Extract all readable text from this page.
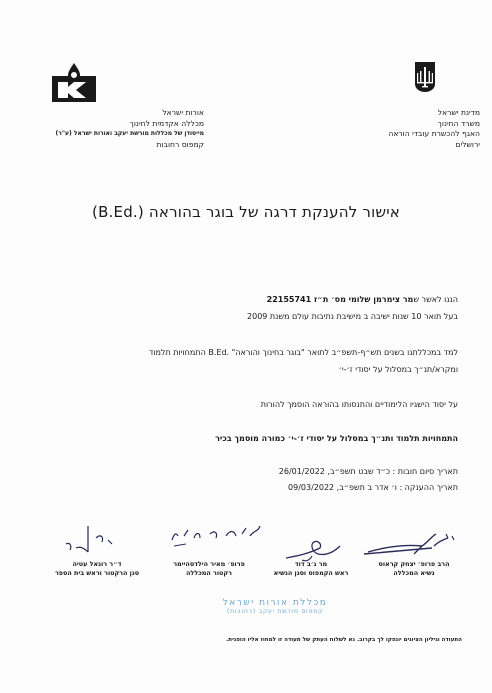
אורות ישראל
מכללה אקדמית לחינוך
מייסודן של מכללות מורשת יעקב ואורות ישראל (ע"ר)
קמפוס רחובות
מדינת ישראל
משרד החינוך
האגף להכשרת עובדי הוראה
ירושלים
אישור להענקת דרגה של בוגר בהוראה (.B.Ed)
הננו לאשר שמר צימרמן שלומי מס׳ ת״ז 22155741
בעל תואר 10 שנות ישיבה ב מישיבת נתיבות עולם משנת 2009
למד במכללתנו בשנים תש״ף-תשפ״ב לתואר "בוגר בחינוך והוראה" .B.Ed התמחויות תלמוד
ומקרא/תנ״ך במסלול על יסודי ז׳-י׳
על יסוד הישגיו הלימודיים והתנסותו בהוראה הוסמך להורות
התמחויות תלמוד ותנ״ך במסלול על יסודי ז׳-י׳ כמורה מוסמך בכיר
תאריך סיום חובות : כ״ד שבט תשפ״ב, 26/01/2022
תאריך ההענקה : ו׳ אדר ב תשפ״ב, 09/03/2022
הרב פרופ׳ יצחק קראוס
נשיא המכללה
מר ג׳ב דוד
ראש הקמפוס וסגן הנשיא
פרופ׳ מאיר הילדסהיימר
רקטור המכללה
ד״ר רונאל עטיה
סגן הרקטור וראש בית הספר
מכללת אורות ישראל
קמפוס מורשת יעקב (רחובות)
התעודה וגיליון הציונים יונפקו לך בקרוב. נא לשלוח העתק של תעודה זו למחוז אליו הופנית.
